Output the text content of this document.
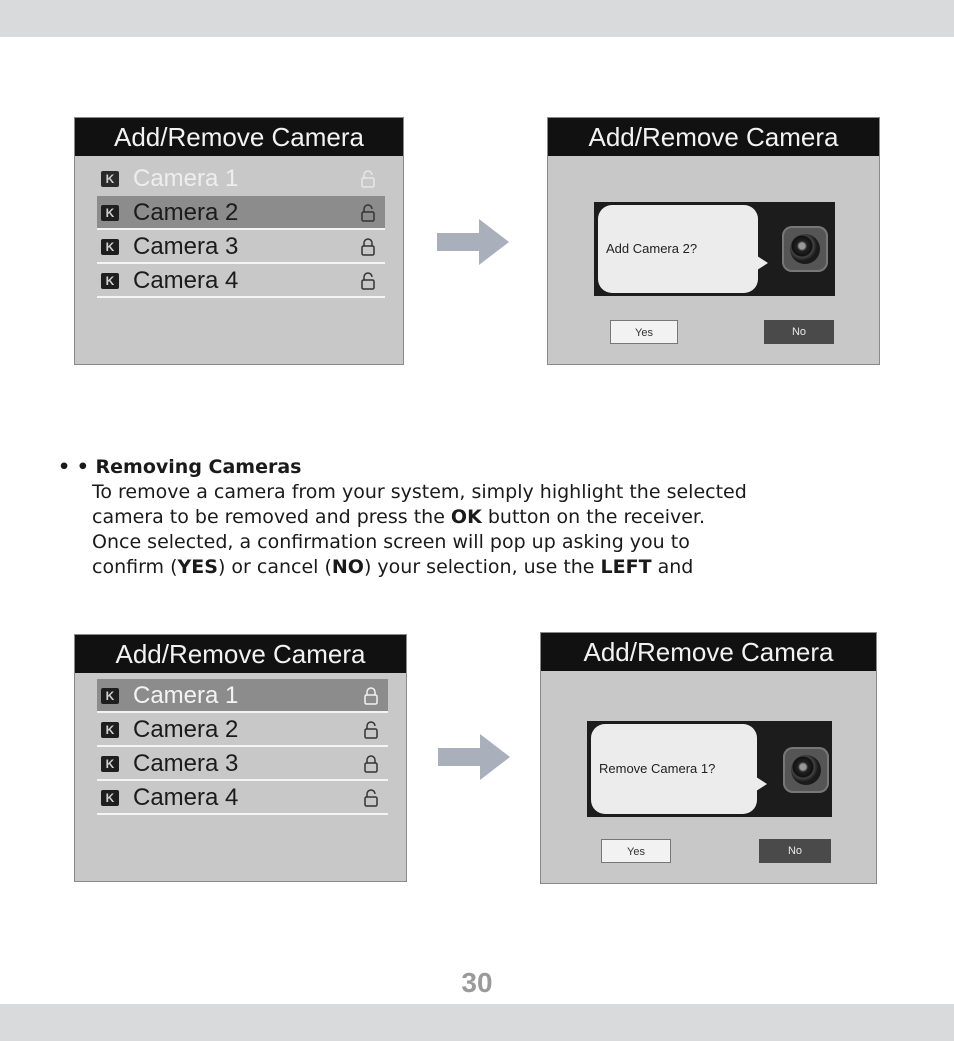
Add/Remove Camera
K Camera 1
K Camera 2
K Camera 3
K Camera 4
Add/Remove Camera
Add Camera 2?
Yes	No
• • Removing Cameras
To remove a camera from your system, simply highlight the selected
camera to be removed and press the OK button on the receiver.
Once selected, a confirmation screen will pop up asking you to
confirm (YES) or cancel (NO) your selection, use the LEFT and
Add/Remove Camera
K Camera 1
K Camera 2
K Camera 3
K Camera 4
Add/Remove Camera
Remove Camera 1?
Yes	No
30
